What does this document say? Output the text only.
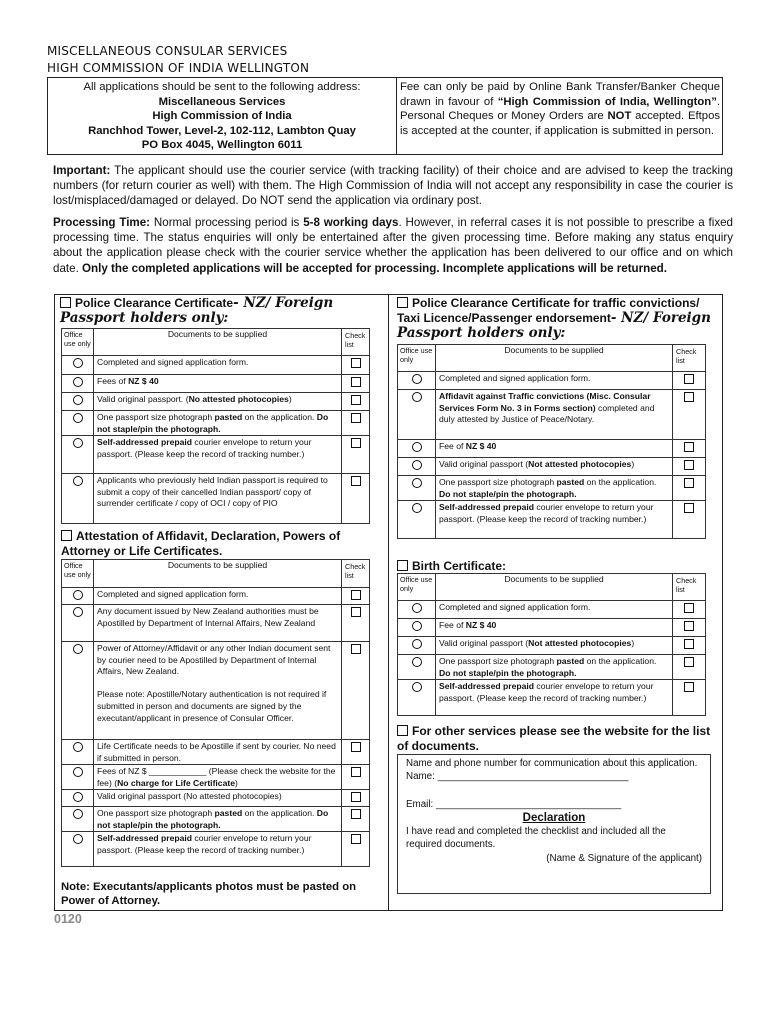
MISCELLANEOUS CONSULAR SERVICES
HIGH COMMISSION OF INDIA WELLINGTON
All applications should be sent to the following address:
Miscellaneous Services
High Commission of India
Ranchhod Tower, Level-2, 102-112, Lambton Quay
PO Box 4045, Wellington 6011
Fee can only be paid by Online Bank Transfer/Banker Cheque drawn in favour of “High Commission of India, Wellington”. Personal Cheques or Money Orders are NOT accepted. Eftpos is accepted at the counter, if application is submitted in person.
Important: The applicant should use the courier service (with tracking facility) of their choice and are advised to keep the tracking numbers (for return courier as well) with them. The High Commission of India will not accept any responsibility in case the courier is lost/misplaced/damaged or delayed. Do NOT send the application via ordinary post.
Processing Time: Normal processing period is 5-8 working days. However, in referral cases it is not possible to prescribe a fixed processing time. The status enquiries will only be entertained after the given processing time. Before making any status enquiry about the application please check with the courier service whether the application has been delivered to our office and on which date. Only the completed applications will be accepted for processing. Incomplete applications will be returned.
Police Clearance Certificate- NZ/ Foreign Passport holders only:
Office use only	Documents to be supplied	Check list

	Completed and signed application form.	
	Fees of NZ $ 40	
	Valid original passport. (No attested photocopies)	
	One passport size photograph pasted on the application. Do not staple/pin the photograph.	
	Self-addressed prepaid courier envelope to return your passport. (Please keep the record of tracking number.)	
	Applicants who previously held Indian passport is required to submit a copy of their cancelled Indian passport/ copy of surrender certificate / copy of OCI / copy of PIO	
Attestation of Affidavit, Declaration, Powers of Attorney or Life Certificates.
Office use only	Documents to be supplied	Check list

	Completed and signed application form.	
	Any document issued by New Zealand authorities must be Apostilled by Department of Internal Affairs, New Zealand	
	Power of Attorney/Affidavit or any other Indian document sent by courier need to be Apostilled by Department of Internal Affairs, New Zealand.

Please note: Apostille/Notary authentication is not required if submitted in person and documents are signed by the executant/applicant in presence of Consular Officer.	
	Life Certificate needs to be Apostille if sent by courier. No need if submitted in person.	
	Fees of NZ $ ____________ (Please check the website for the fee) (No charge for Life Certificate)	
	Valid original passport (No attested photocopies)	
	One passport size photograph pasted on the application. Do not staple/pin the photograph.	
	Self-addressed prepaid courier envelope to return your passport. (Please keep the record of tracking number.)	
Note: Executants/applicants photos must be pasted on Power of Attorney.
Police Clearance Certificate for traffic convictions/ Taxi Licence/Passenger endorsement- NZ/ Foreign Passport holders only:
Office use only	Documents to be supplied	Check list

	Completed and signed application form.	
	Affidavit against Traffic convictions (Misc. Consular Services Form No. 3 in Forms section) completed and duly attested by Justice of Peace/Notary.	
	Fee of NZ $ 40	
	Valid original passport (Not attested photocopies)	
	One passport size photograph pasted on the application. Do not staple/pin the photograph.	
	Self-addressed prepaid courier envelope to return your passport. (Please keep the record of tracking number.)	
Birth Certificate:
Office use only	Documents to be supplied	Check list

	Completed and signed application form.	
	Fee of NZ $ 40	
	Valid original passport (Not attested photocopies)	
	One passport size photograph pasted on the application. Do not staple/pin the photograph.	
	Self-addressed prepaid courier envelope to return your passport. (Please keep the record of tracking number.)	
For other services please see the website for the list of documents.
Name and phone number for communication about this application.
Name: ___________________________________
Email: __________________________________
Declaration
I have read and completed the checklist and included all the required documents.
(Name & Signature of the applicant)
0120
